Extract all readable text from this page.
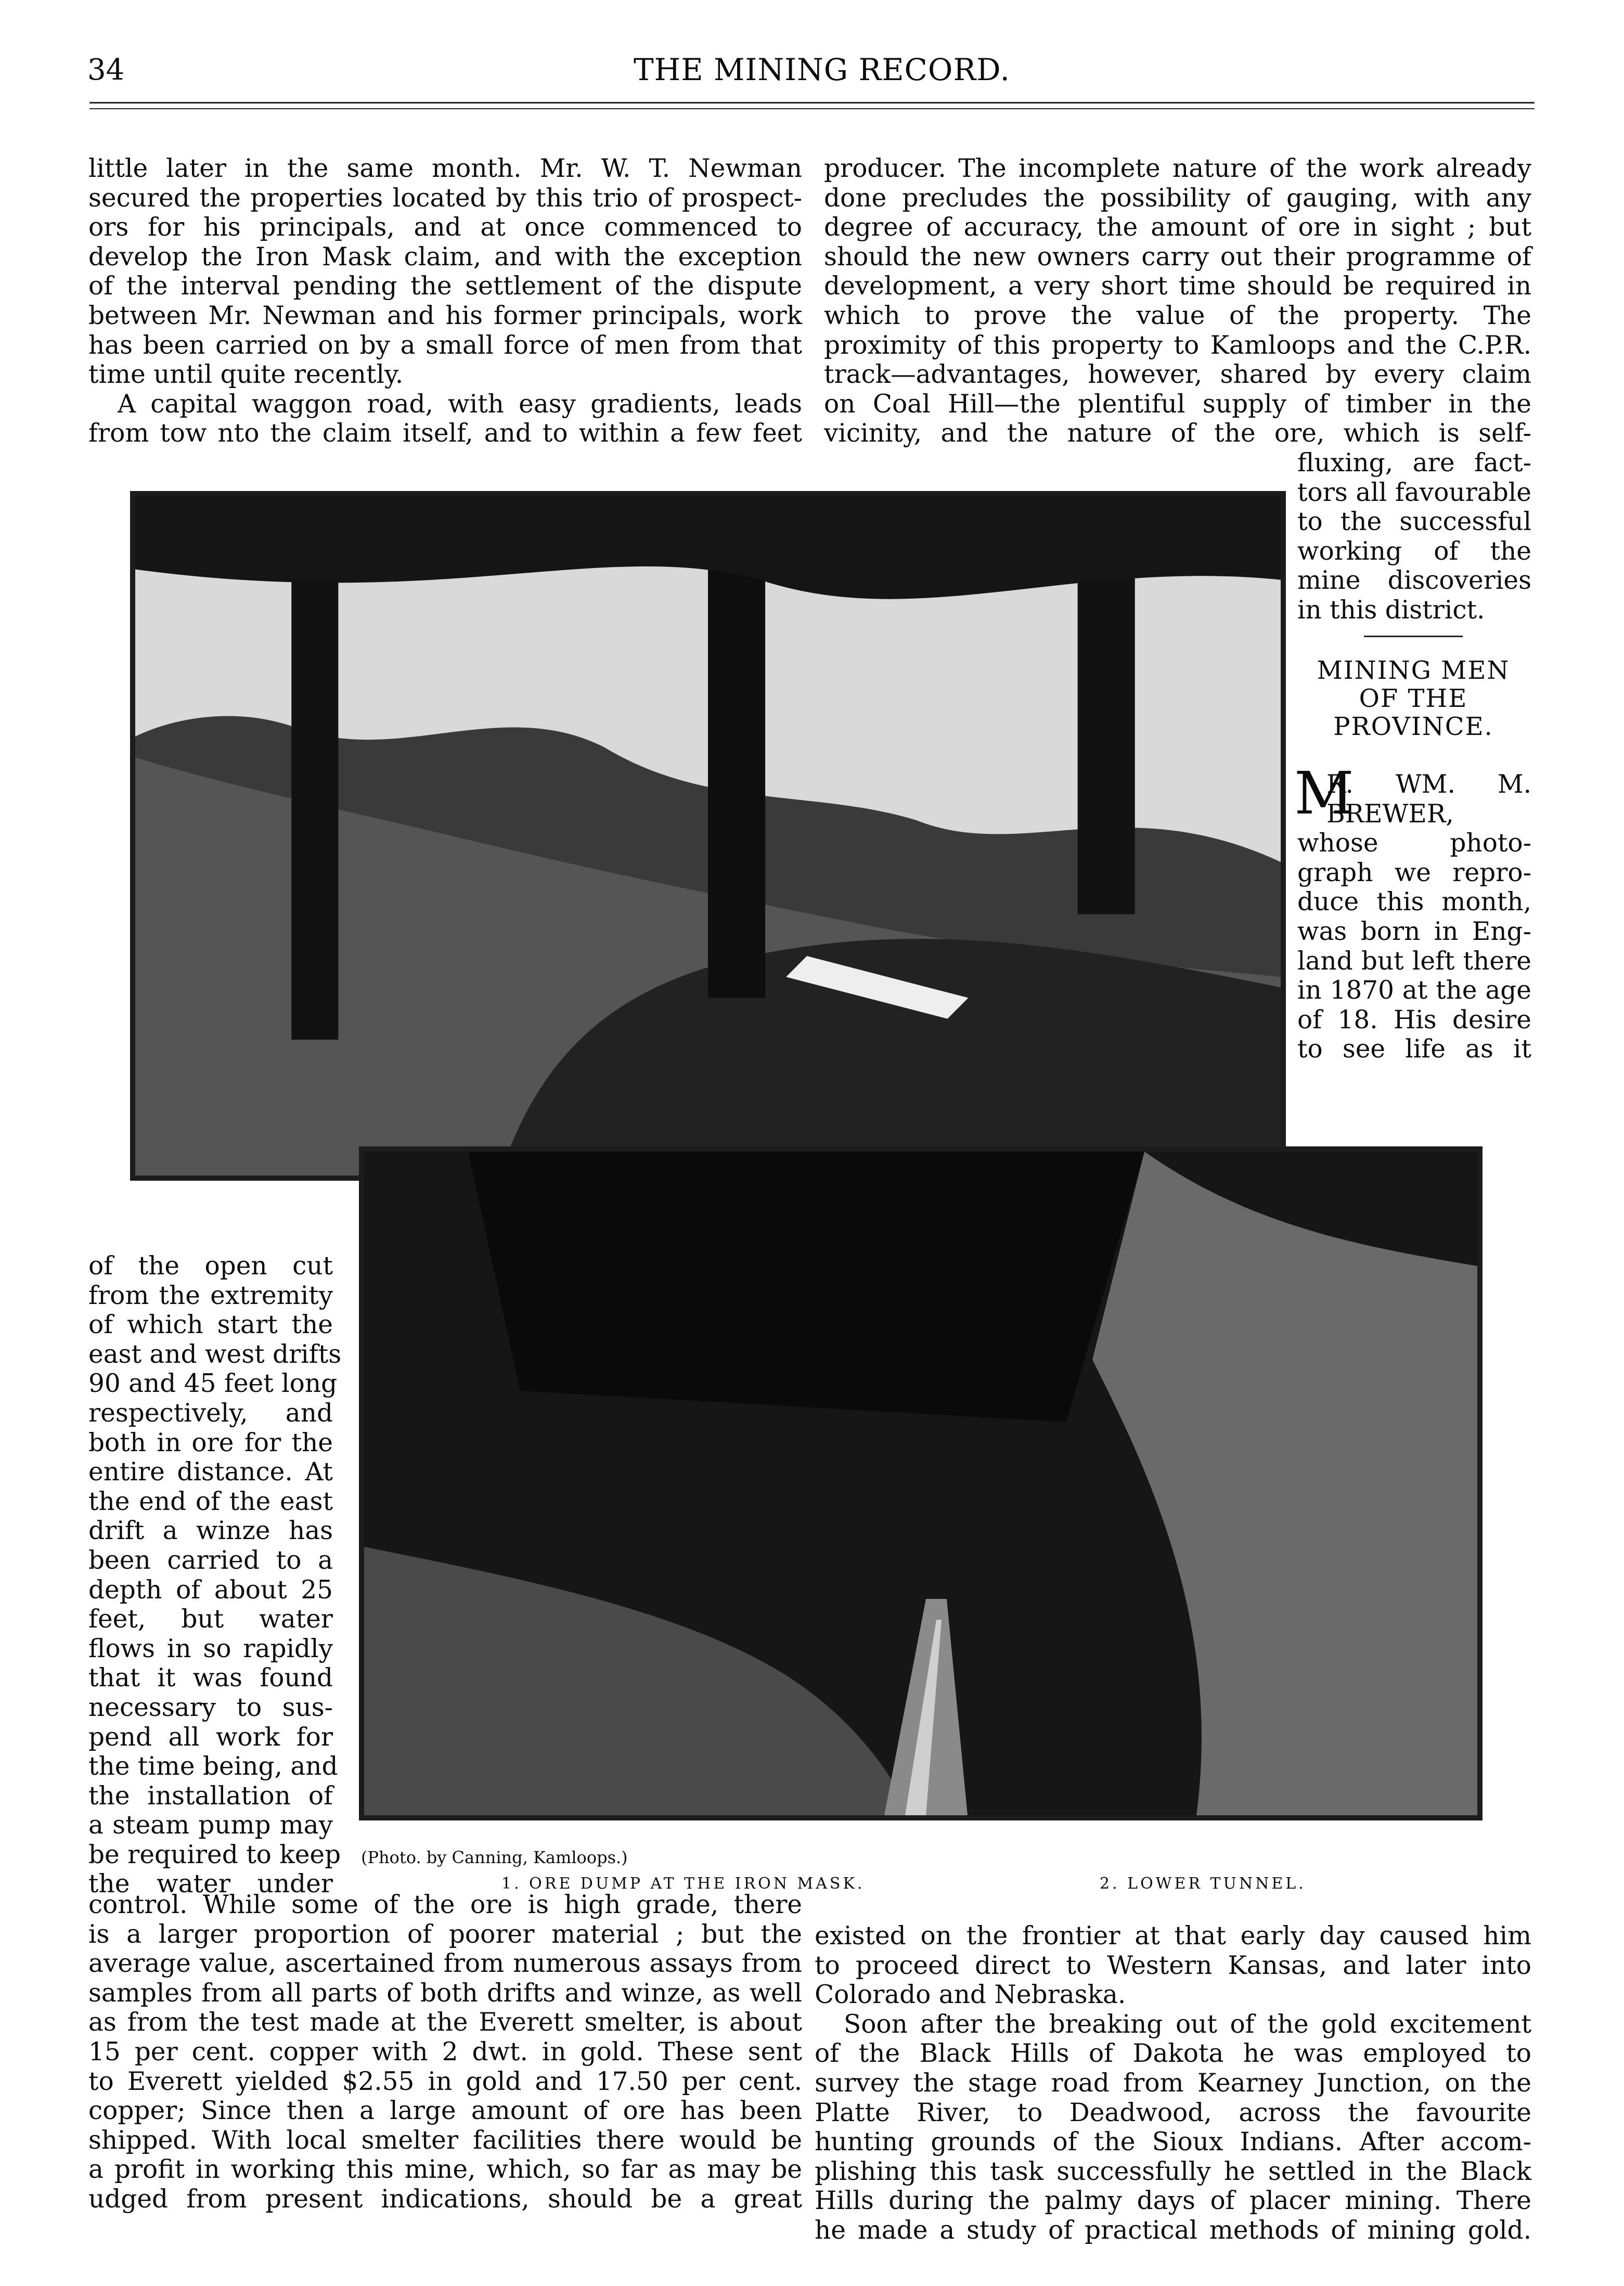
34	THE MINING RECORD.
little later in the same month. Mr. W. T. Newman
secured the properties located by this trio of prospect-
ors for his principals, and at once commenced to
develop the Iron Mask claim, and with the exception
of the interval pending the settlement of the dispute
between Mr. Newman and his former principals, work
has been carried on by a small force of men from that
time until quite recently.
A capital waggon road, with easy gradients, leads
from tow nto the claim itself, and to within a few feet
producer. The incomplete nature of the work already
done precludes the possibility of gauging, with any
degree of accuracy, the amount of ore in sight ; but
should the new owners carry out their programme of
development, a very short time should be required in
which to prove the value of the property. The
proximity of this property to Kamloops and the C.P.R.
track—advantages, however, shared by every claim
on Coal Hill—the plentiful supply of timber in the
vicinity, and the nature of the ore, which is self-
fluxing, are fact-
tors all favourable
to the successful
working of the
mine discoveries
in this district.
MINING MEN
OF THE
PROVINCE.
M
R. WM. M.
BREWER,
whose photo-
graph we repro-
duce this month,
was born in Eng-
land but left there
in 1870 at the age
of 18. His desire
to see life as it
of the open cut
from the extremity
of which start the
east and west drifts
90 and 45 feet long
respectively, and
both in ore for the
entire distance. At
the end of the east
drift a winze has
been carried to a
depth of about 25
feet, but water
flows in so rapidly
that it was found
necessary to sus-
pend all work for
the time being, and
the installation of
a steam pump may
be required to keep
the water under
(Photo. by Canning, Kamloops.)
1. ORE DUMP AT THE IRON MASK.	2. LOWER TUNNEL.
control. While some of the ore is high grade, there
is a larger proportion of poorer material ; but the
average value, ascertained from numerous assays from
samples from all parts of both drifts and winze, as well
as from the test made at the Everett smelter, is about
15 per cent. copper with 2 dwt. in gold. These sent
to Everett yielded $2.55 in gold and 17.50 per cent.
copper; Since then a large amount of ore has been
shipped. With local smelter facilities there would be
a profit in working this mine, which, so far as may be
udged from present indications, should be a great
existed on the frontier at that early day caused him
to proceed direct to Western Kansas, and later into
Colorado and Nebraska.
Soon after the breaking out of the gold excitement
of the Black Hills of Dakota he was employed to
survey the stage road from Kearney Junction, on the
Platte River, to Deadwood, across the favourite
hunting grounds of the Sioux Indians. After accom-
plishing this task successfully he settled in the Black
Hills during the palmy days of placer mining. There
he made a study of practical methods of mining gold.
